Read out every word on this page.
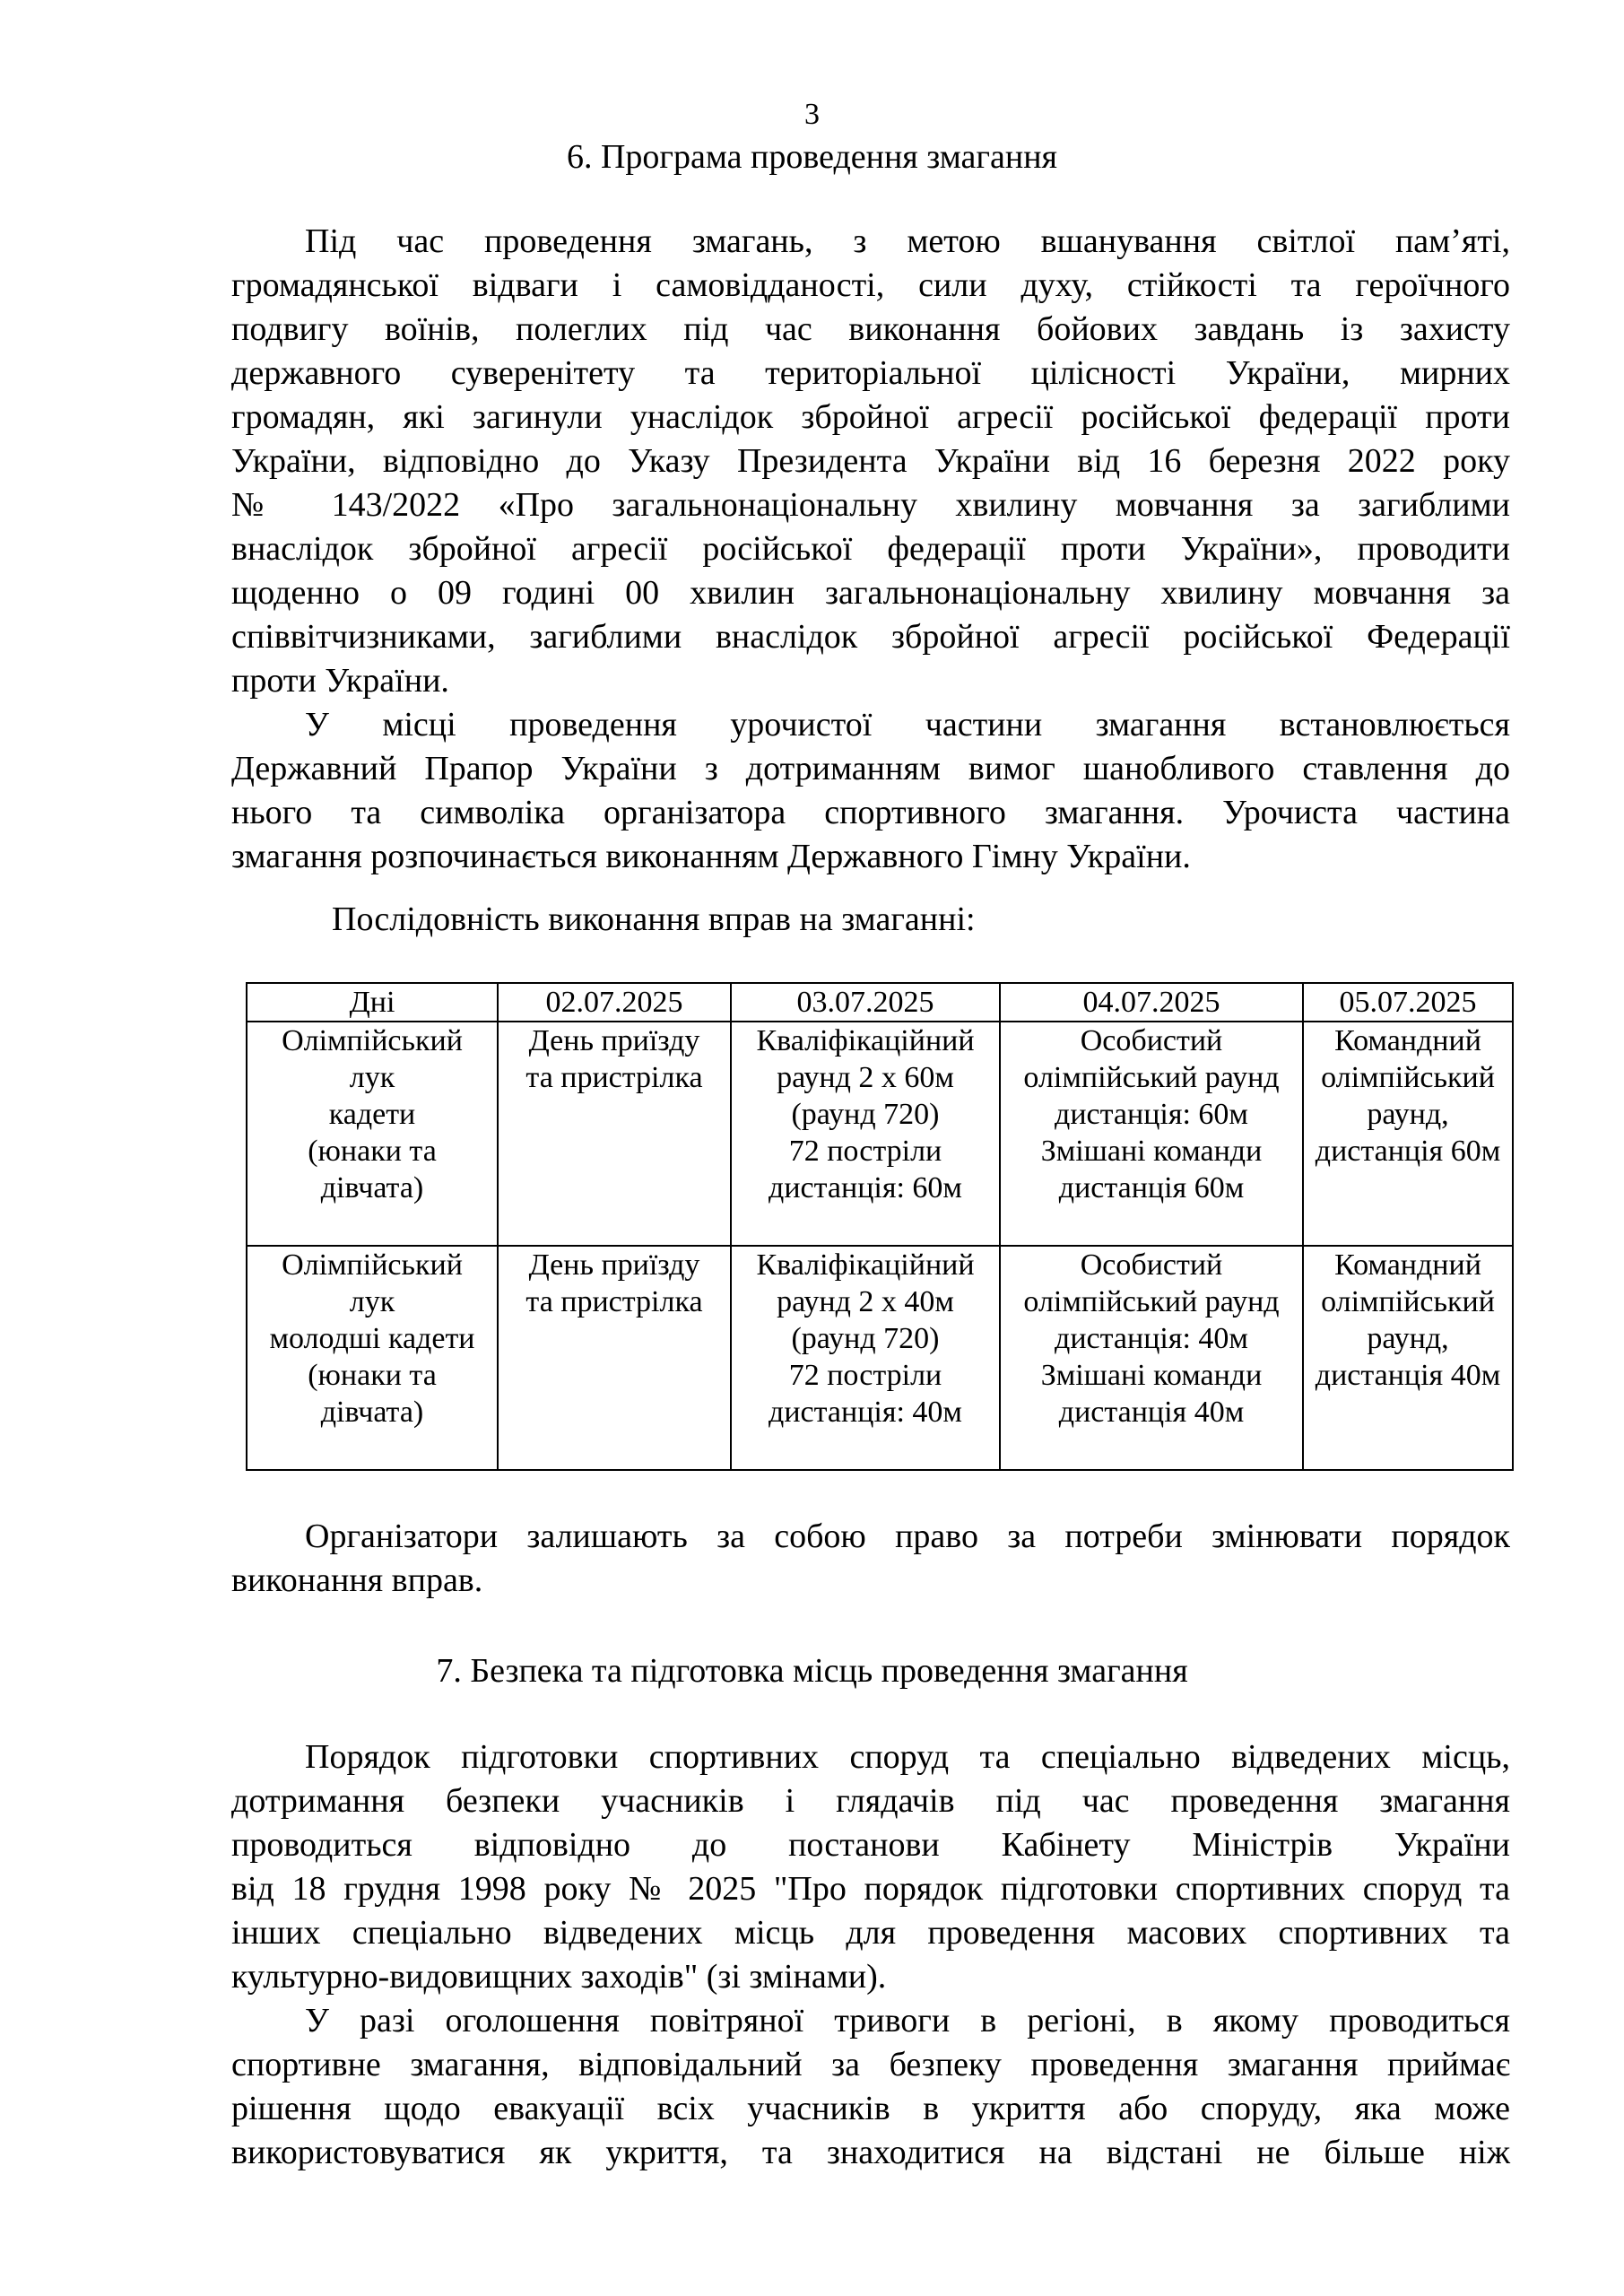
3
6. Програма проведення змагання
Під час проведення змагань, з метою вшанування світлої пам’яті,
громадянської відваги і самовідданості, сили духу, стійкості та героїчного
подвигу воїнів, полеглих під час виконання бойових завдань із захисту
державного суверенітету та територіальної цілісності України, мирних
громадян, які загинули унаслідок збройної агресії російської федерації проти
України, відповідно до Указу Президента України від 16 березня 2022 року
№ 143/2022 «Про загальнонаціональну хвилину мовчання за загиблими
внаслідок збройної агресії російської федерації проти України», проводити
щоденно о 09 годині 00 хвилин загальнонаціональну хвилину мовчання за
співвітчизниками, загиблими внаслідок збройної агресії російської Федерації
проти України.
У місці проведення урочистої частини змагання встановлюється
Державний Прапор України з дотриманням вимог шанобливого ставлення до
нього та символіка організатора спортивного змагання. Урочиста частина
змагання розпочинається виконанням Державного Гімну України.
Послідовність виконання вправ на змаганні:
Дні	02.07.2025	03.07.2025	04.07.2025	05.07.2025

Олімпійський
лук
кадети
(юнаки та
дівчата)	День приїзду
та пристрілка	Кваліфікаційний
раунд 2 х 60м
(раунд 720)
72 постріли
дистанція: 60м	Особистий
олімпійський раунд
дистанція: 60м
Змішані команди
дистанція 60м	Командний
олімпійський
раунд,
дистанція 60м

Олімпійський
лук
молодші кадети
(юнаки та
дівчата)	День приїзду
та пристрілка	Кваліфікаційний
раунд 2 х 40м
(раунд 720)
72 постріли
дистанція: 40м	Особистий
олімпійський раунд
дистанція: 40м
Змішані команди
дистанція 40м	Командний
олімпійський
раунд,
дистанція 40м
Організатори залишають за собою право за потреби змінювати порядок
виконання вправ.
7. Безпека та підготовка місць проведення змагання
Порядок підготовки спортивних споруд та спеціально відведених місць,
дотримання безпеки учасників і глядачів під час проведення змагання
проводиться відповідно до постанови Кабінету Міністрів України
від 18 грудня 1998 року № 2025 "Про порядок підготовки спортивних споруд та
інших спеціально відведених місць для проведення масових спортивних та
культурно-видовищних заходів" (зі змінами).
У разі оголошення повітряної тривоги в регіоні, в якому проводиться
спортивне змагання, відповідальний за безпеку проведення змагання приймає
рішення щодо евакуації всіх учасників в укриття або споруду, яка може
використовуватися як укриття, та знаходитися на відстані не більше ніж
